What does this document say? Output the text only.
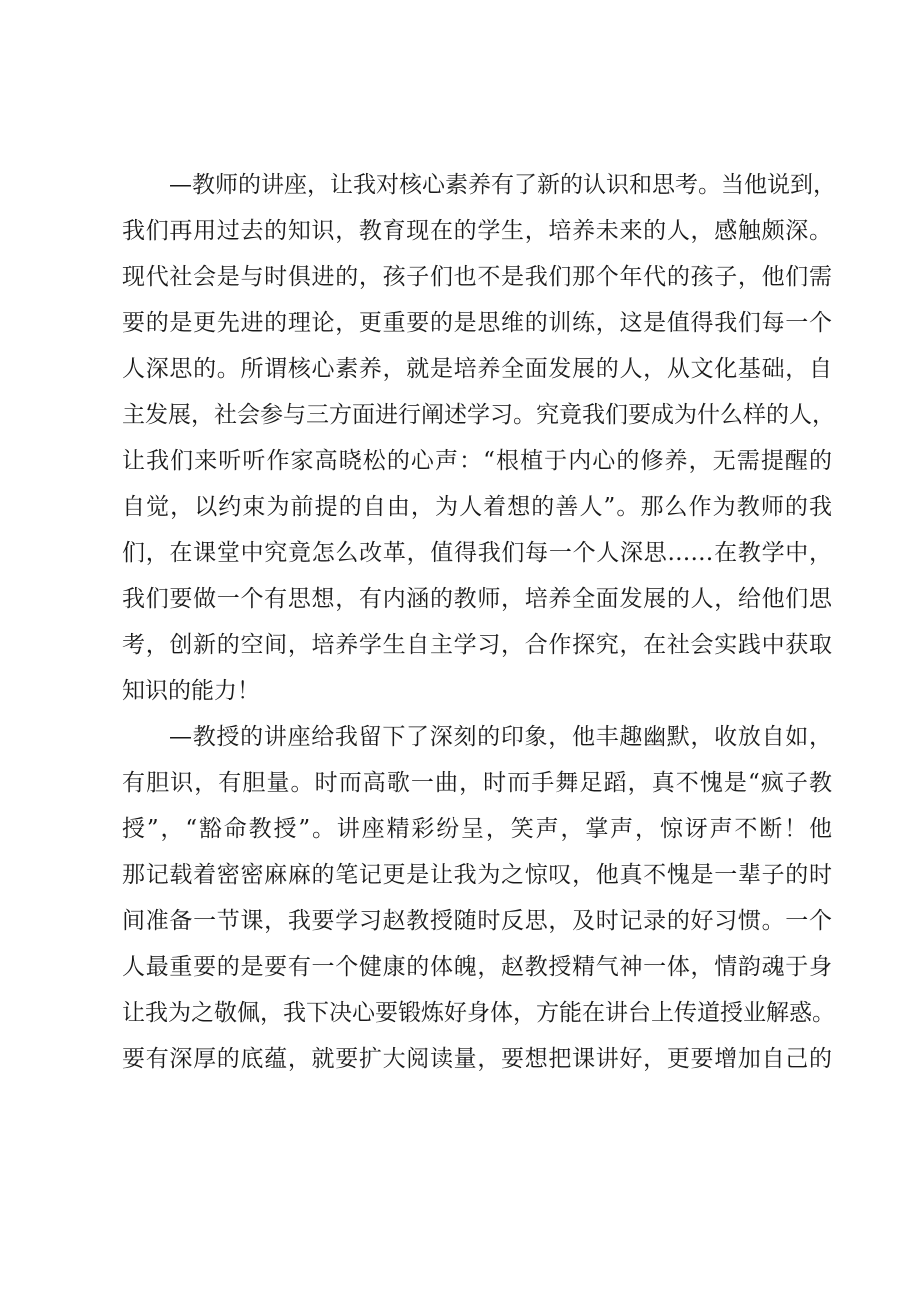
—教师的讲座，让我对核心素养有了新的认识和思考。当他说到，
我们再用过去的知识，教育现在的学生，培养未来的人，感触颇深。
现代社会是与时俱进的，孩子们也不是我们那个年代的孩子，他们需
要的是更先进的理论，更重要的是思维的训练，这是值得我们每一个
人深思的。所谓核心素养，就是培养全面发展的人，从文化基础，自
主发展，社会参与三方面进行阐述学习。究竟我们要成为什么样的人，
让我们来听听作家高晓松的心声：“根植于内心的修养，无需提醒的
自觉，以约束为前提的自由，为人着想的善人”。那么作为教师的我
们，在课堂中究竟怎么改革，值得我们每一个人深思……在教学中，
我们要做一个有思想，有内涵的教师，培养全面发展的人，给他们思
考，创新的空间，培养学生自主学习，合作探究，在社会实践中获取
知识的能力！
—教授的讲座给我留下了深刻的印象，他丰趣幽默，收放自如，
有胆识，有胆量。时而高歌一曲，时而手舞足蹈，真不愧是“疯子教
授”，“豁命教授”。讲座精彩纷呈，笑声，掌声，惊讶声不断！他
那记载着密密麻麻的笔记更是让我为之惊叹，他真不愧是一辈子的时
间准备一节课，我要学习赵教授随时反思，及时记录的好习惯。一个
人最重要的是要有一个健康的体魄，赵教授精气神一体，情韵魂于身
让我为之敬佩，我下决心要锻炼好身体，方能在讲台上传道授业解惑。
要有深厚的底蕴，就要扩大阅读量，要想把课讲好，更要增加自己的
